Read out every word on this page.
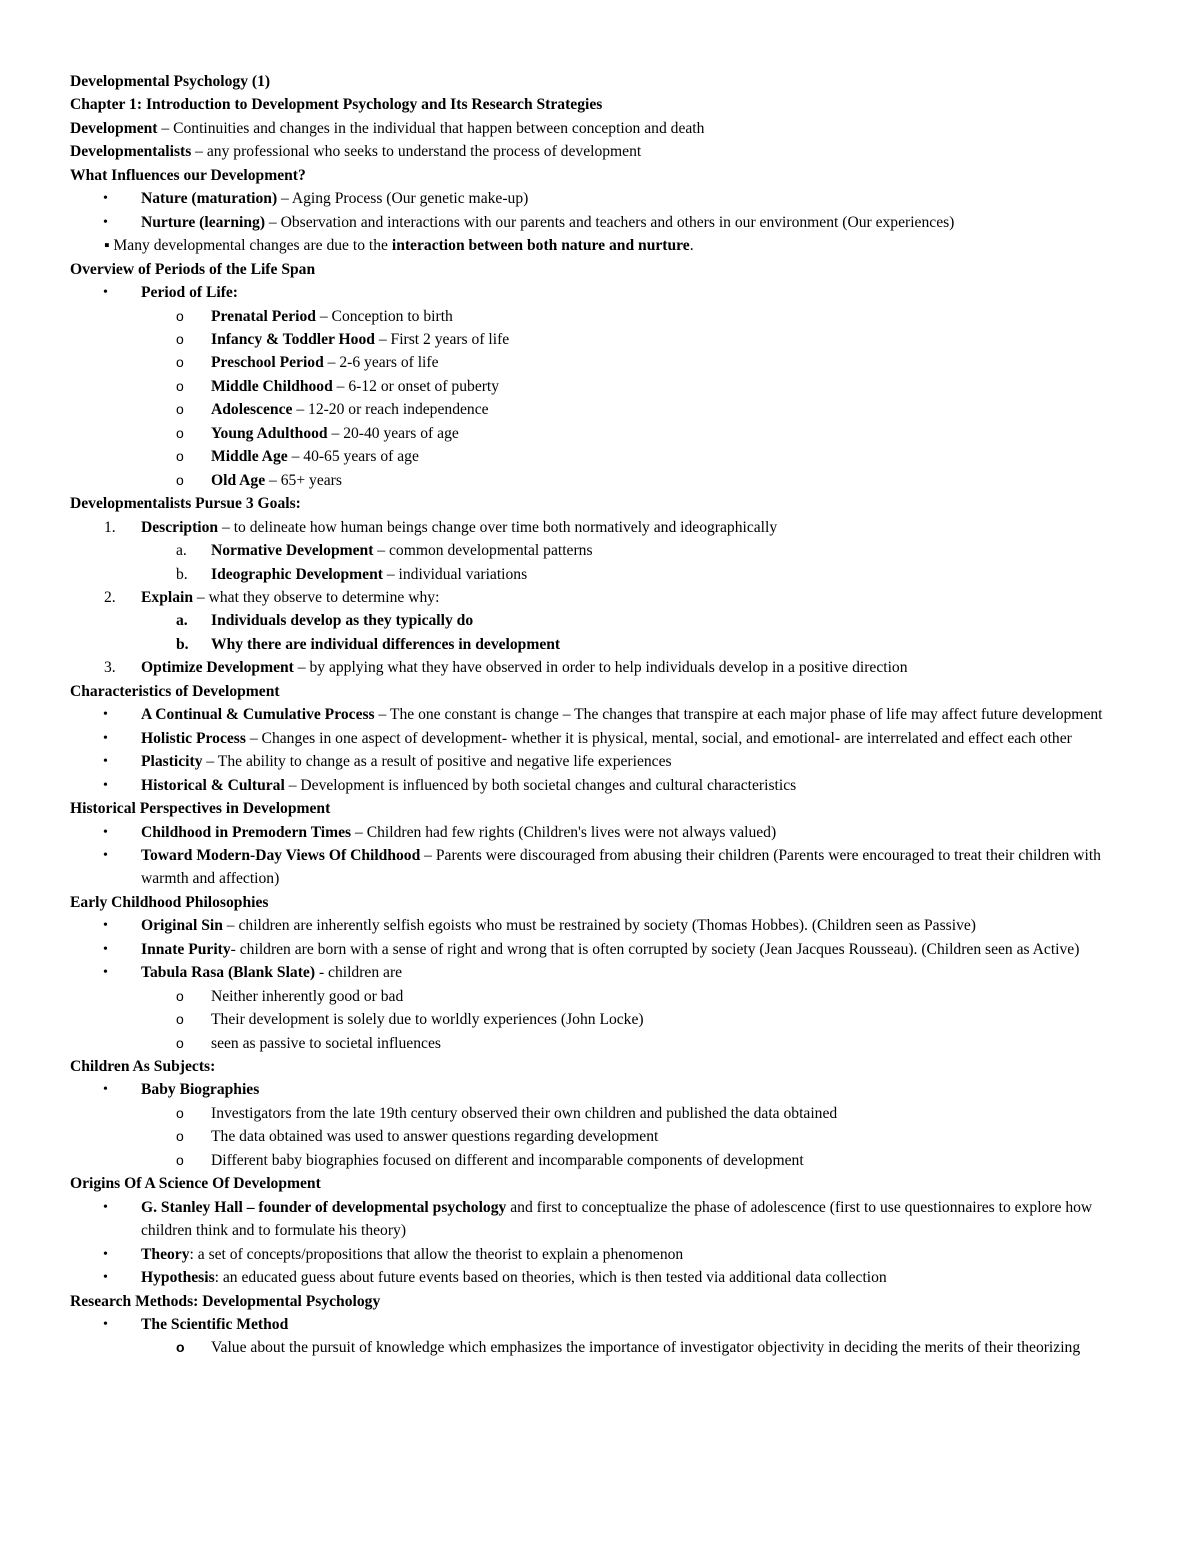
Developmental Psychology (1)
Chapter 1: Introduction to Development Psychology and Its Research Strategies
Development – Continuities and changes in the individual that happen between conception and death
Developmentalists – any professional who seeks to understand the process of development
What Influences our Development?
• Nature (maturation) – Aging Process (Our genetic make-up)
• Nurture (learning) – Observation and interactions with our parents and teachers and others in our environment (Our experiences)
▪ Many developmental changes are due to the interaction between both nature and nurture.
Overview of Periods of the Life Span
• Period of Life:
o Prenatal Period – Conception to birth
o Infancy & Toddler Hood – First 2 years of life
o Preschool Period – 2-6 years of life
o Middle Childhood – 6-12 or onset of puberty
o Adolescence – 12-20 or reach independence
o Young Adulthood – 20-40 years of age
o Middle Age – 40-65 years of age
o Old Age – 65+ years
Developmentalists Pursue 3 Goals:
1. Description – to delineate how human beings change over time both normatively and ideographically
a. Normative Development – common developmental patterns
b. Ideographic Development – individual variations
2. Explain – what they observe to determine why:
a. Individuals develop as they typically do
b. Why there are individual differences in development
3. Optimize Development – by applying what they have observed in order to help individuals develop in a positive direction
Characteristics of Development
• A Continual & Cumulative Process – The one constant is change – The changes that transpire at each major phase of life may affect future development
• Holistic Process – Changes in one aspect of development- whether it is physical, mental, social, and emotional- are interrelated and effect each other
• Plasticity – The ability to change as a result of positive and negative life experiences
• Historical & Cultural – Development is influenced by both societal changes and cultural characteristics
Historical Perspectives in Development
• Childhood in Premodern Times – Children had few rights (Children's lives were not always valued)
• Toward Modern-Day Views Of Childhood – Parents were discouraged from abusing their children (Parents were encouraged to treat their children with warmth and affection)
Early Childhood Philosophies
• Original Sin – children are inherently selfish egoists who must be restrained by society (Thomas Hobbes). (Children seen as Passive)
• Innate Purity- children are born with a sense of right and wrong that is often corrupted by society (Jean Jacques Rousseau). (Children seen as Active)
• Tabula Rasa (Blank Slate) - children are
o Neither inherently good or bad
o Their development is solely due to worldly experiences (John Locke)
o seen as passive to societal influences
Children As Subjects:
• Baby Biographies
o Investigators from the late 19th century observed their own children and published the data obtained
o The data obtained was used to answer questions regarding development
o Different baby biographies focused on different and incomparable components of development
Origins Of A Science Of Development
• G. Stanley Hall – founder of developmental psychology and first to conceptualize the phase of adolescence (first to use questionnaires to explore how children think and to formulate his theory)
• Theory: a set of concepts/propositions that allow the theorist to explain a phenomenon
• Hypothesis: an educated guess about future events based on theories, which is then tested via additional data collection
Research Methods: Developmental Psychology
• The Scientific Method
o Value about the pursuit of knowledge which emphasizes the importance of investigator objectivity in deciding the merits of their theorizing
